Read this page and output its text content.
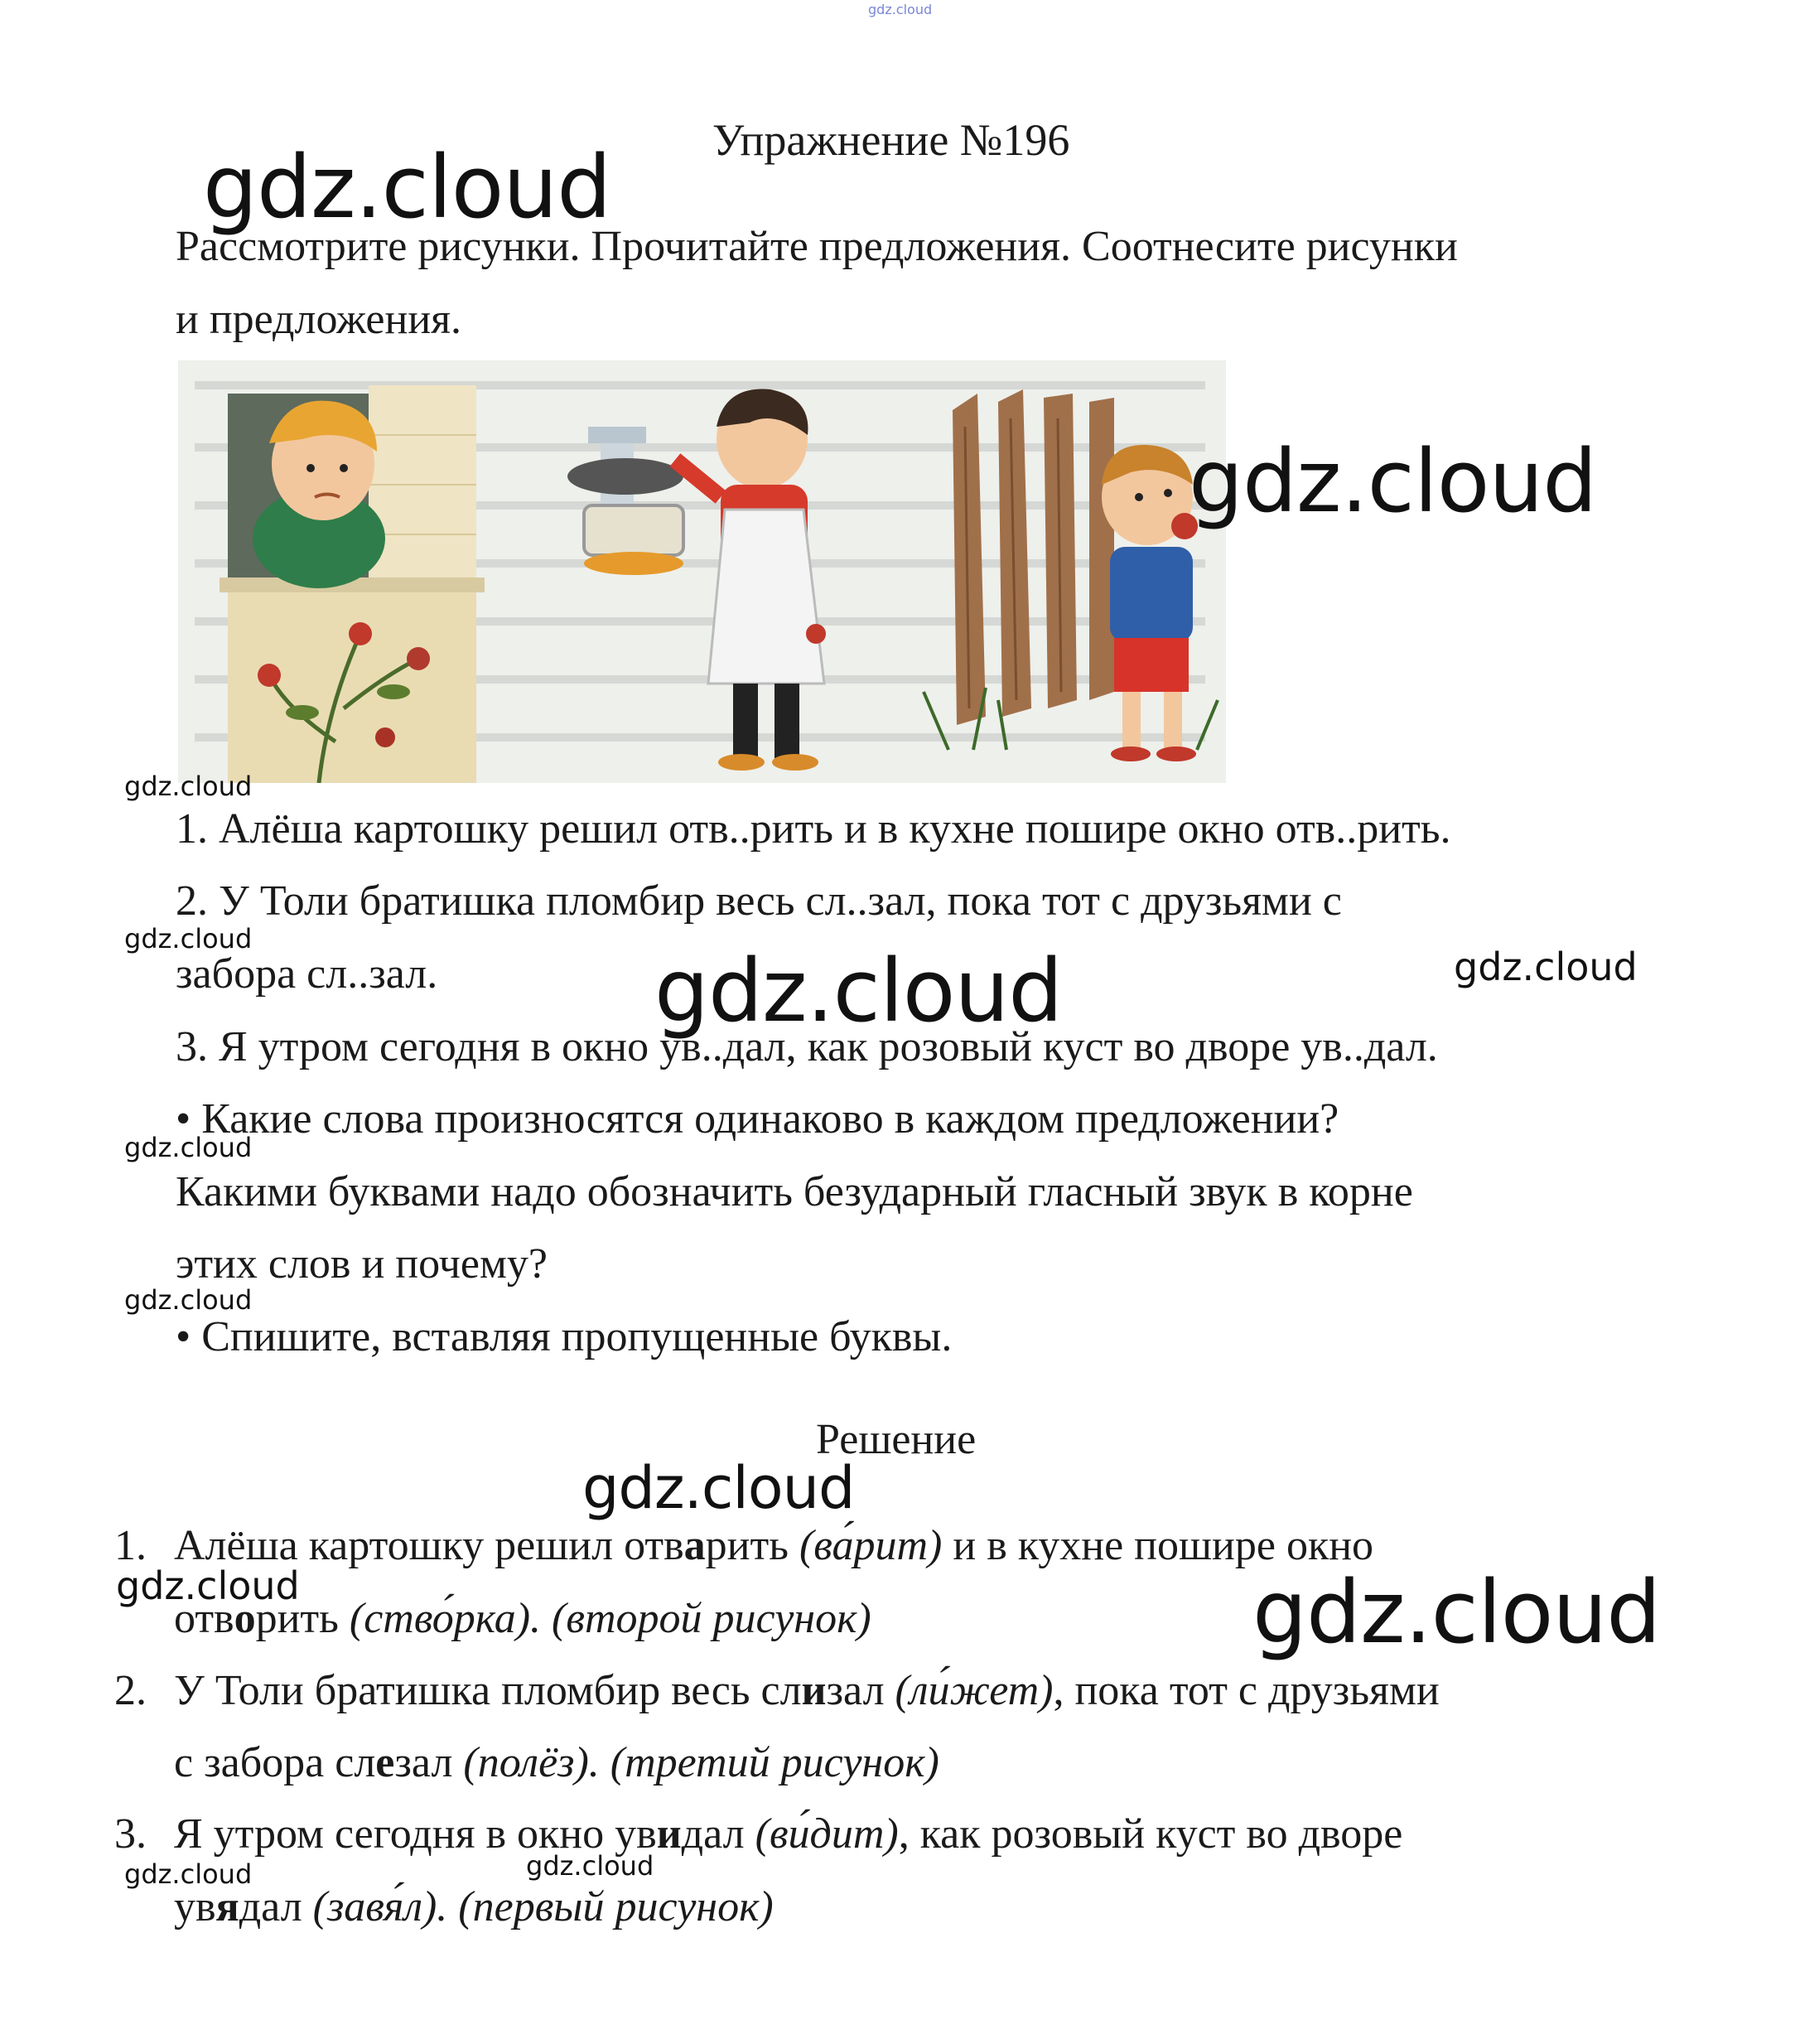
gdz.cloud
Упражнение №196
gdz.cloud
Рассмотрите рисунки. Прочитайте предложения. Соотнесите рисунки
и предложения.
gdz.cloud
gdz.cloud
1. Алёша картошку решил отв..рить и в кухне пошире окно отв..рить.
2. У Толи братишка пломбир весь сл..зал, пока тот с друзьями с
gdz.cloud
забора сл..зал.	gdz.cloud	gdz.cloud
3. Я утром сегодня в окно ув..дал, как розовый куст во дворе ув..дал.
• Какие слова произносятся одинаково в каждом предложении?
gdz.cloud
Какими буквами надо обозначить безударный гласный звук в корне
этих слов и почему?
gdz.cloud
• Спишите, вставляя пропущенные буквы.
Решение
gdz.cloud
1. Алёша картошку решил отварить (ва́рит) и в кухне пошире окно
gdz.cloud
отворить (ство́рка). (второй рисунок)	gdz.cloud
2. У Толи братишка пломбир весь слизал (ли́жет), пока тот с друзьями
с забора слезал (полёз). (третий рисунок)
3. Я утром сегодня в окно увидал (ви́дит), как розовый куст во дворе
gdz.cloud	gdz.cloud
увядал (завя́л). (первый рисунок)
